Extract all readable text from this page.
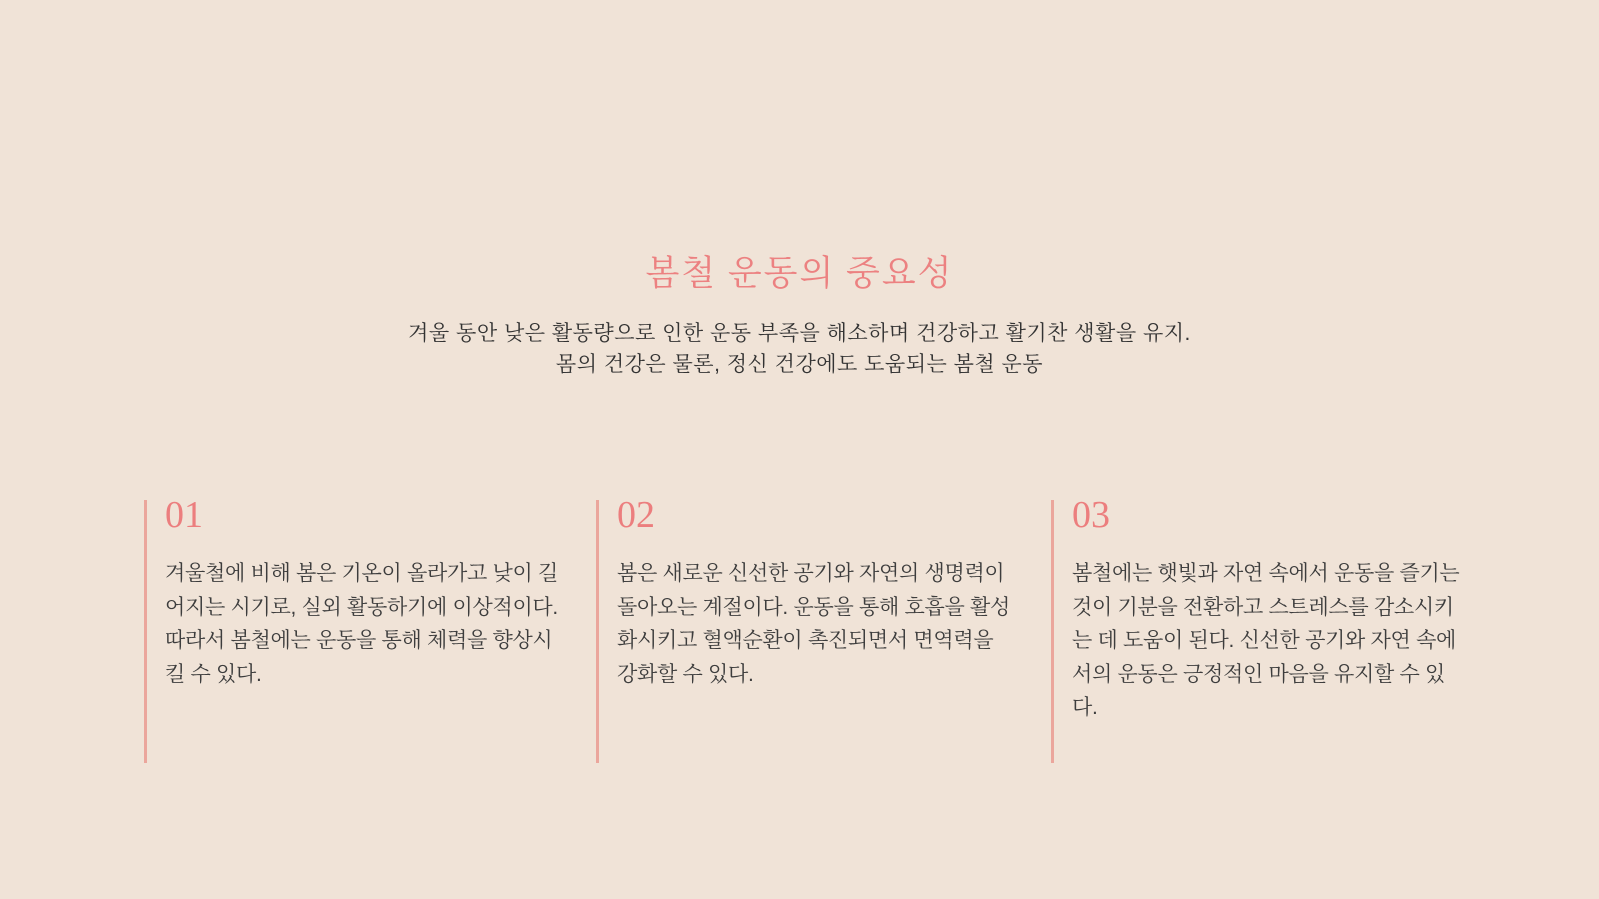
봄철 운동의 중요성
겨울 동안 낮은 활동량으로 인한 운동 부족을 해소하며 건강하고 활기찬 생활을 유지.
몸의 건강은 물론, 정신 건강에도 도움되는 봄철 운동
01
겨울철에 비해 봄은 기온이 올라가고 낮이 길어지는 시기로, 실외 활동하기에 이상적이다. 따라서 봄철에는 운동을 통해 체력을 향상시킬 수 있다.
02
봄은 새로운 신선한 공기와 자연의 생명력이 돌아오는 계절이다. 운동을 통해 호흡을 활성화시키고 혈액순환이 촉진되면서 면역력을 강화할 수 있다.
03
봄철에는 햇빛과 자연 속에서 운동을 즐기는 것이 기분을 전환하고 스트레스를 감소시키는 데 도움이 된다. 신선한 공기와 자연 속에서의 운동은 긍정적인 마음을 유지할 수 있다.
